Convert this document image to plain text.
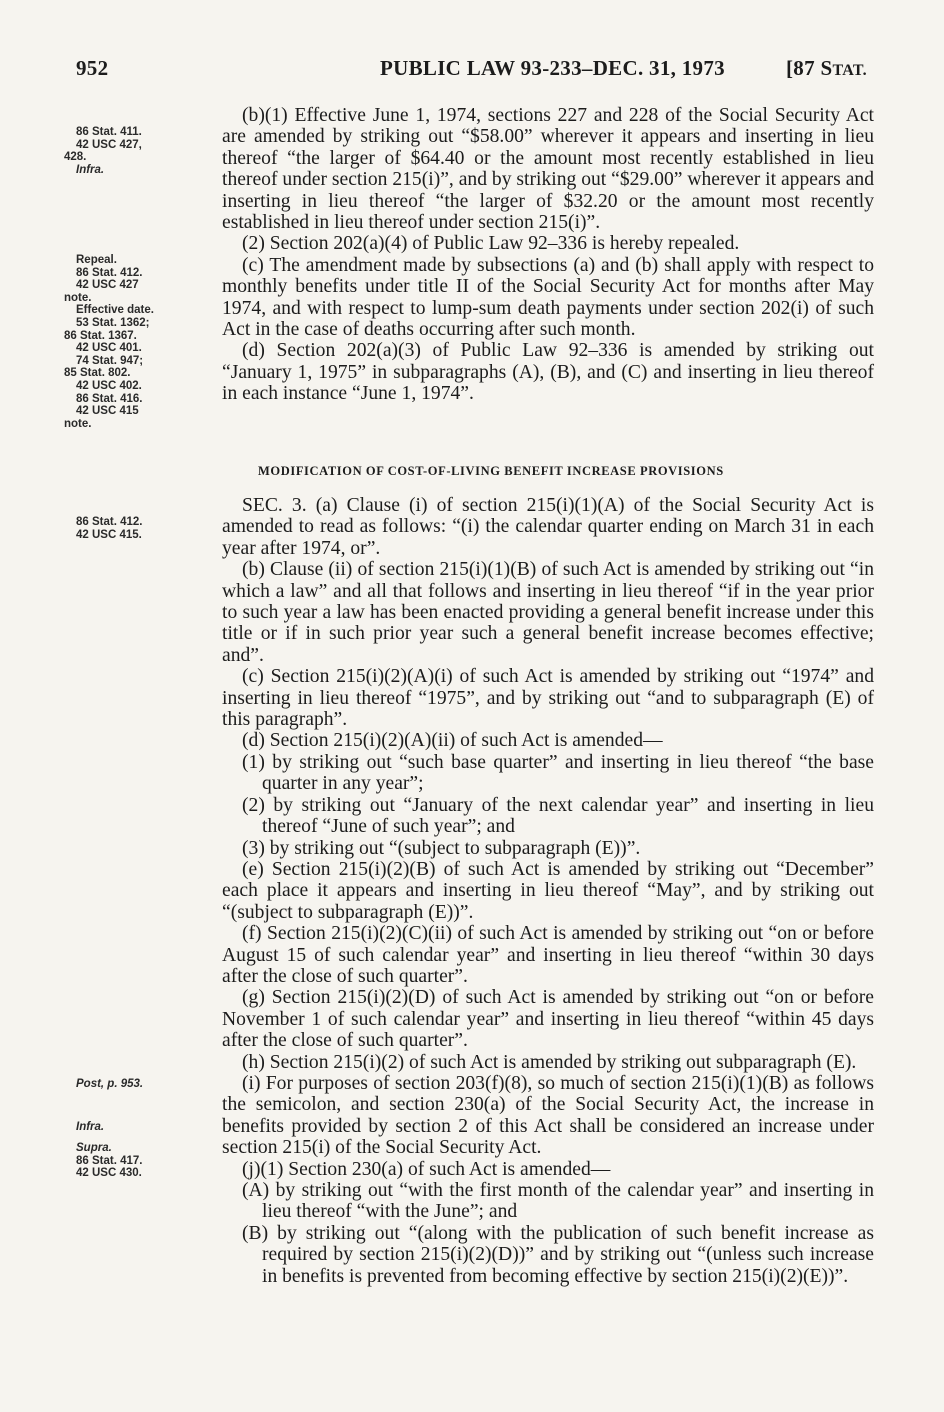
952	PUBLIC LAW 93-233–DEC. 31, 1973	[87 STAT.
86 Stat. 411.
42 USC 427,
428.
Infra.
Repeal.
86 Stat. 412.
42 USC 427
note.
Effective date.
53 Stat. 1362;
86 Stat. 1367.
42 USC 401.
74 Stat. 947;
85 Stat. 802.
42 USC 402.
86 Stat. 416.
42 USC 415
note.
86 Stat. 412.
42 USC 415.
Post, p. 953.
Infra.
Supra.
86 Stat. 417.
42 USC 430.

(b)(1) Effective June 1, 1974, sections 227 and 228 of the Social Security Act are amended by striking out “$58.00” wherever it appears and inserting in lieu thereof “the larger of $64.40 or the amount most recently established in lieu thereof under section 215(i)”, and by striking out “$29.00” wherever it appears and inserting in lieu thereof “the larger of $32.20 or the amount most recently established in lieu thereof under section 215(i)”.

(2) Section 202(a)(4) of Public Law 92–336 is hereby repealed.

(c) The amendment made by subsections (a) and (b) shall apply with respect to monthly benefits under title II of the Social Security Act for months after May 1974, and with respect to lump-sum death payments under section 202(i) of such Act in the case of deaths occurring after such month.

(d) Section 202(a)(3) of Public Law 92–336 is amended by striking out “January 1, 1975” in subparagraphs (A), (B), and (C) and inserting in lieu thereof in each instance “June 1, 1974”.

MODIFICATION OF COST-OF-LIVING BENEFIT INCREASE PROVISIONS

SEC. 3. (a) Clause (i) of section 215(i)(1)(A) of the Social Security Act is amended to read as follows: “(i) the calendar quarter ending on March 31 in each year after 1974, or”.

(b) Clause (ii) of section 215(i)(1)(B) of such Act is amended by striking out “in which a law” and all that follows and inserting in lieu thereof “if in the year prior to such year a law has been enacted providing a general benefit increase under this title or if in such prior year such a general benefit increase becomes effective; and”.

(c) Section 215(i)(2)(A)(i) of such Act is amended by striking out “1974” and inserting in lieu thereof “1975”, and by striking out “and to subparagraph (E) of this paragraph”.

(d) Section 215(i)(2)(A)(ii) of such Act is amended—

(1) by striking out “such base quarter” and inserting in lieu thereof “the base quarter in any year”;

(2) by striking out “January of the next calendar year” and inserting in lieu thereof “June of such year”; and

(3) by striking out “(subject to subparagraph (E))”.

(e) Section 215(i)(2)(B) of such Act is amended by striking out “December” each place it appears and inserting in lieu thereof “May”, and by striking out “(subject to subparagraph (E))”.

(f) Section 215(i)(2)(C)(ii) of such Act is amended by striking out “on or before August 15 of such calendar year” and inserting in lieu thereof “within 30 days after the close of such quarter”.

(g) Section 215(i)(2)(D) of such Act is amended by striking out “on or before November 1 of such calendar year” and inserting in lieu thereof “within 45 days after the close of such quarter”.

(h) Section 215(i)(2) of such Act is amended by striking out subparagraph (E).

(i) For purposes of section 203(f)(8), so much of section 215(i)(1)(B) as follows the semicolon, and section 230(a) of the Social Security Act, the increase in benefits provided by section 2 of this Act shall be considered an increase under section 215(i) of the Social Security Act.

(j)(1) Section 230(a) of such Act is amended—

(A) by striking out “with the first month of the calendar year” and inserting in lieu thereof “with the June”; and

(B) by striking out “(along with the publication of such benefit increase as required by section 215(i)(2)(D))” and by striking out “(unless such increase in benefits is prevented from becoming effective by section 215(i)(2)(E))”.
